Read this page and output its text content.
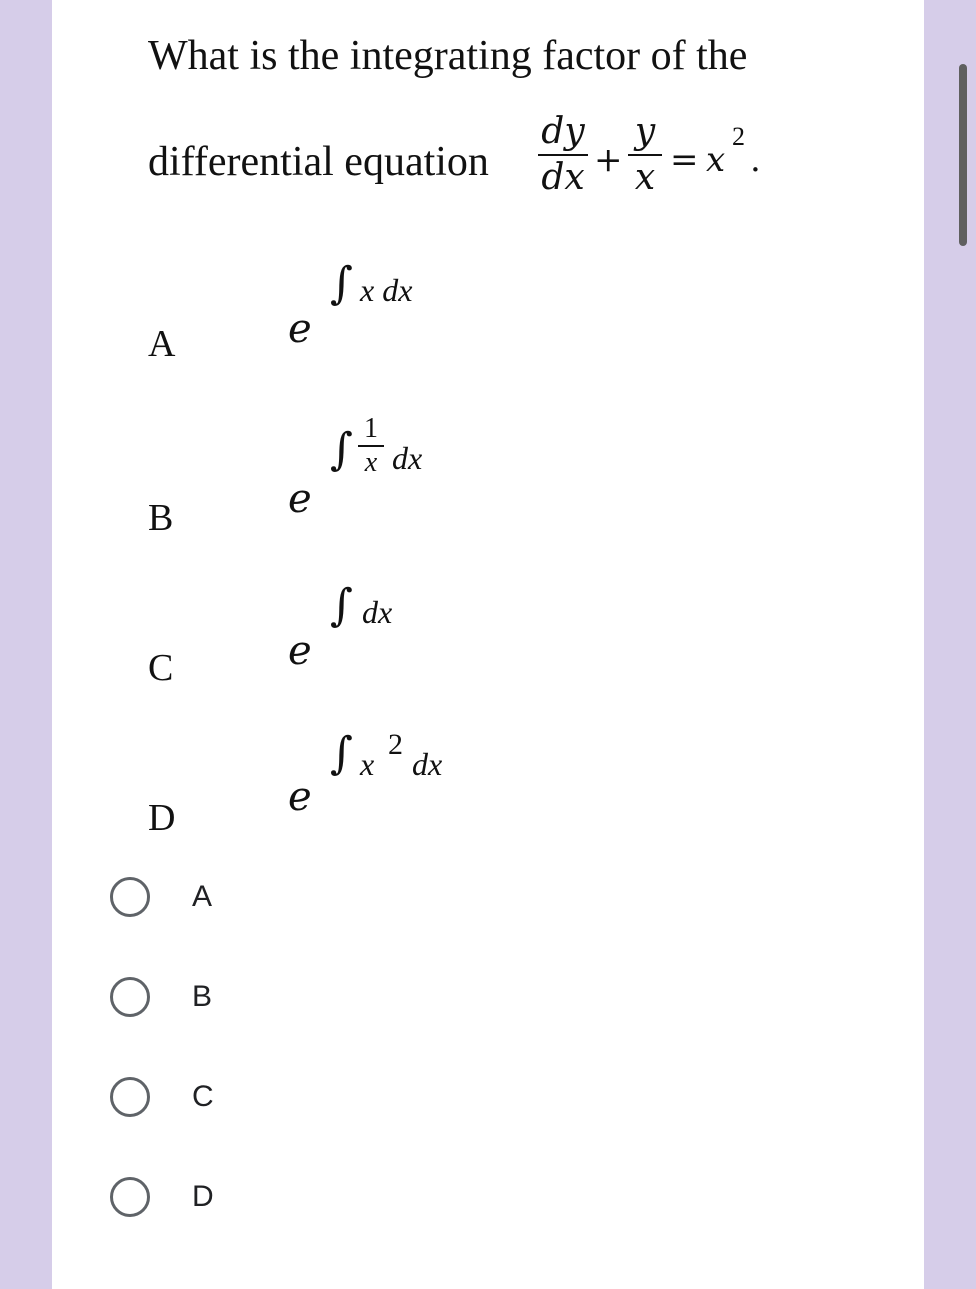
What is the integrating factor of the
differential equation
dy
dx +
y
x = x
2
.
A	e
∫ x dx
B	e
∫ 1
x dx
C	e
∫ dx
D	e
∫ x
2
dx
A
B
C
D
